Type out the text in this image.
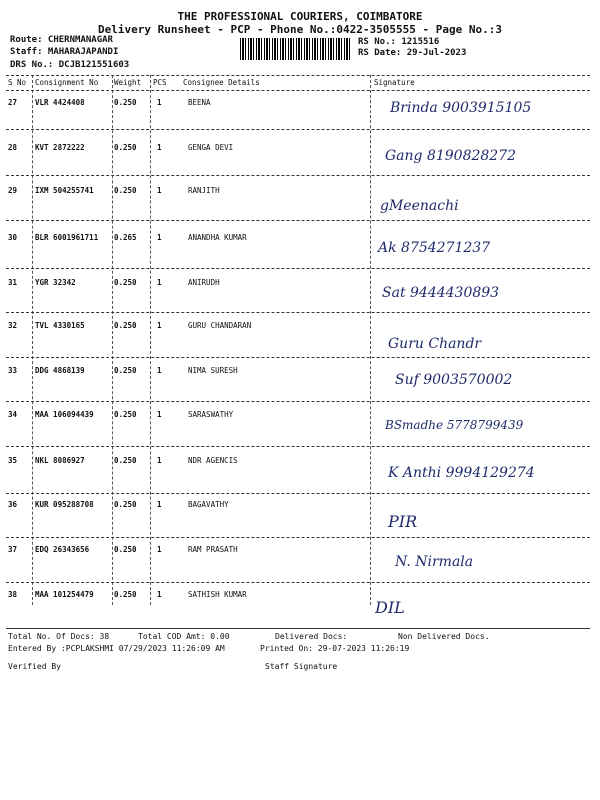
THE PROFESSIONAL COURIERS, COIMBATORE
Delivery Runsheet - PCP - Phone No.:0422-3505555 - Page No.:3
Route: CHERNMANAGAR
Staff: MAHARAJAPANDI
DRS No.: DCJB121551603
RS No.: 1215516
RS Date: 29-Jul-2023
S No Consignment No Weight PCS Consignee Details	Signature
27 VLR 4424408	0.250	1	BEENA	Brinda 9003915105
28 KVT 2872222	0.250	1	GENGA DEVI
Gang 8190828272
29 IXM 504255741	0.250	1	RANJITH
gMeenachi
30 BLR 6001961711 0.265	1	ANANDHA KUMAR
Ak 8754271237
31 YGR 32342	0.250	1	ANIRUDH
Sat 9444430893
32 TVL 4330165	0.250	1	GURU CHANDARAN
Guru Chandr
33 DDG 4868139	0.250	1	NIMA SURESH
Suf 9003570002
34 MAA 106094439	0.250	1	SARASWATHY
BSmadhe 5778799439
35 NKL 8086927	0.250	1	NDR AGENCIS
K Anthi 9994129274
36 KUR 095288708	0.250	1	BAGAVATHY
PIR
37 EDQ 26343656	0.250	1	RAM PRASATH
N. Nirmala
38 MAA 101254479	0.250	1	SATHISH KUMAR
DIL
Total No. Of Docs: 38	Total COD Amt: 0.00	Delivered Docs:	Non Delivered Docs.
Entered By :PCPLAKSHMI 07/29/2023 11:26:09 AM	Printed On: 29-07-2023 11:26:19
Verified By	Staff Signature
